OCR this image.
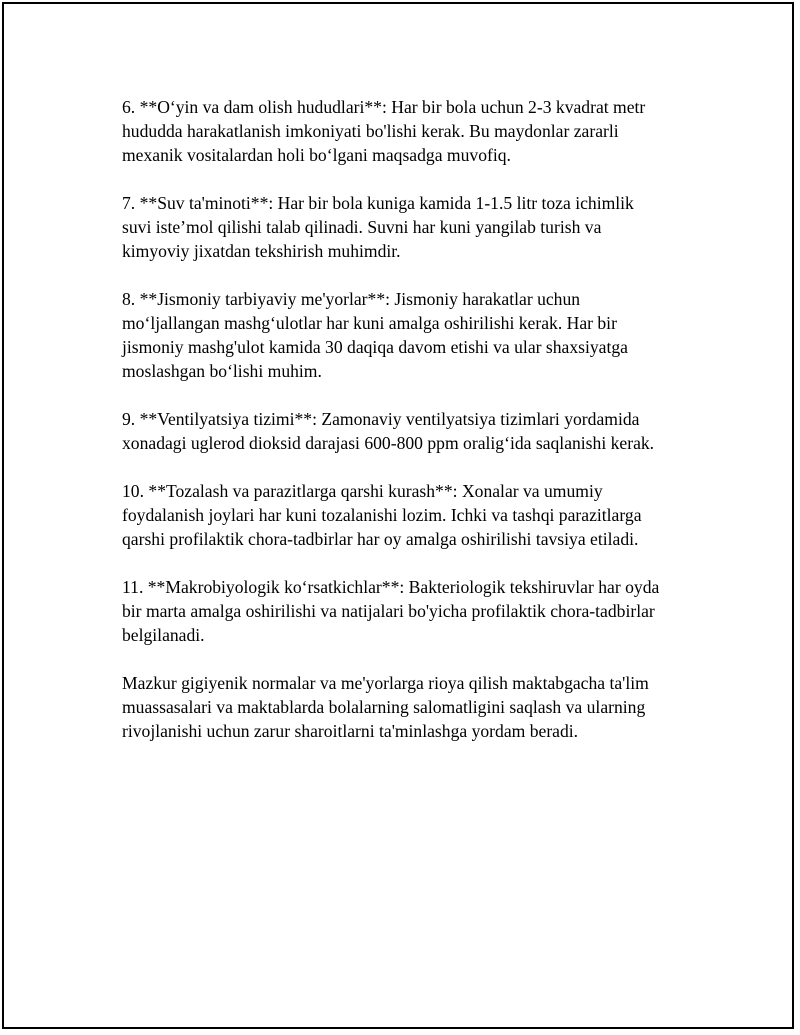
6. **O‘yin va dam olish hududlari**: Har bir bola uchun 2-3 kvadrat metr
hududda harakatlanish imkoniyati bo'lishi kerak. Bu maydonlar zararli
mexanik vositalardan holi bo‘lgani maqsadga muvofiq.

7. **Suv ta'minoti**: Har bir bola kuniga kamida 1-1.5 litr toza ichimlik
suvi iste’mol qilishi talab qilinadi. Suvni har kuni yangilab turish va
kimyoviy jixatdan tekshirish muhimdir.

8. **Jismoniy tarbiyaviy me'yorlar**: Jismoniy harakatlar uchun
mo‘ljallangan mashg‘ulotlar har kuni amalga oshirilishi kerak. Har bir
jismoniy mashg'ulot kamida 30 daqiqa davom etishi va ular shaxsiyatga
moslashgan bo‘lishi muhim.

9. **Ventilyatsiya tizimi**: Zamonaviy ventilyatsiya tizimlari yordamida
xonadagi uglerod dioksid darajasi 600-800 ppm oralig‘ida saqlanishi kerak.

10. **Tozalash va parazitlarga qarshi kurash**: Xonalar va umumiy
foydalanish joylari har kuni tozalanishi lozim. Ichki va tashqi parazitlarga
qarshi profilaktik chora-tadbirlar har oy amalga oshirilishi tavsiya etiladi.

11. **Makrobiyologik ko‘rsatkichlar**: Bakteriologik tekshiruvlar har oyda
bir marta amalga oshirilishi va natijalari bo'yicha profilaktik chora-tadbirlar
belgilanadi.

Mazkur gigiyenik normalar va me'yorlarga rioya qilish maktabgacha ta'lim
muassasalari va maktablarda bolalarning salomatligini saqlash va ularning
rivojlanishi uchun zarur sharoitlarni ta'minlashga yordam beradi.
